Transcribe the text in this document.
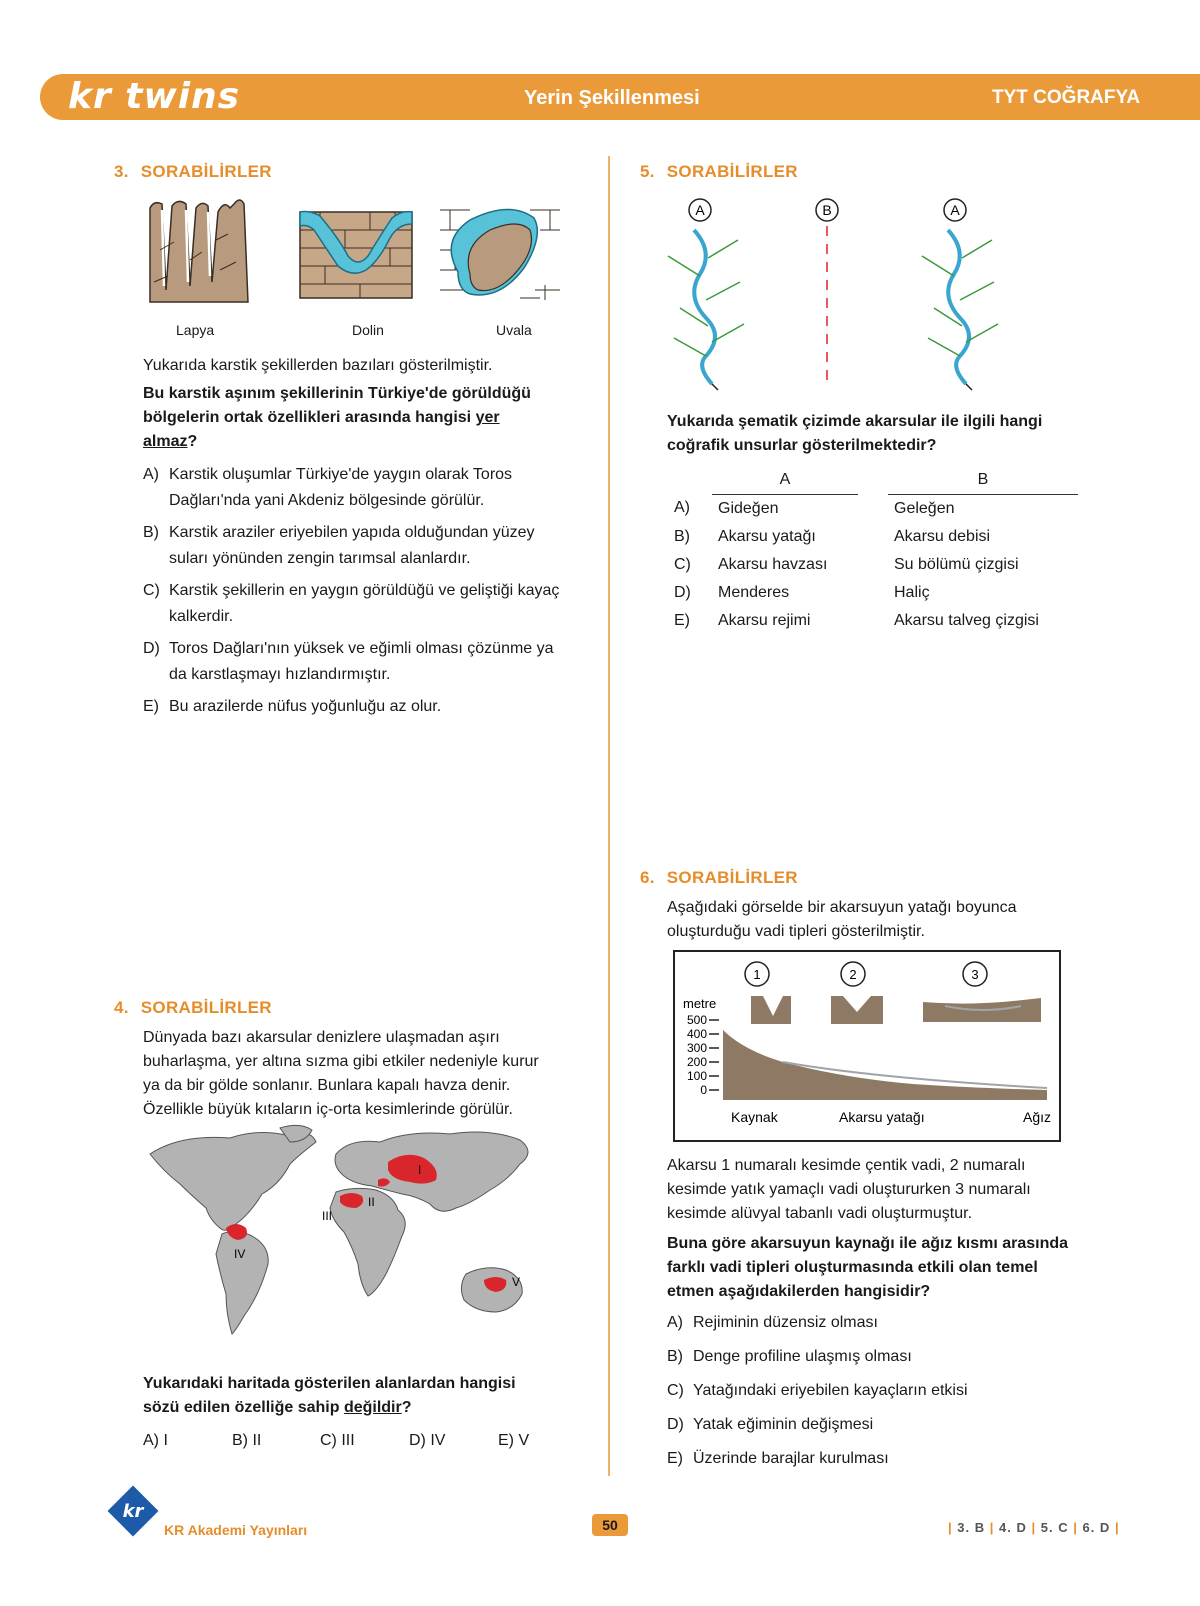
kr twins	Yerin Şekillenmesi	TYT COĞRAFYA
3. SORABİLİRLER
Lapya	Dolin	Uvala
Yukarıda karstik şekillerden bazıları gösterilmiştir.
Bu karstik aşınım şekillerinin Türkiye'de görüldüğü
bölgelerin ortak özellikleri arasında hangisi yer
almaz?
A) Karstik oluşumlar Türkiye'de yaygın olarak Toros
Dağları'nda yani Akdeniz bölgesinde görülür.
B) Karstik araziler eriyebilen yapıda olduğundan yüzey
suları yönünden zengin tarımsal alanlardır.
C) Karstik şekillerin en yaygın görüldüğü ve geliştiği kayaç
kalkerdir.
D) Toros Dağları'nın yüksek ve eğimli olması çözünme ya
da karstlaşmayı hızlandırmıştır.
E) Bu arazilerde nüfus yoğunluğu az olur.
4. SORABİLİRLER
Dünyada bazı akarsular denizlere ulaşmadan aşırı
buharlaşma, yer altına sızma gibi etkiler nedeniyle kurur
ya da bir gölde sonlanır. Bunlara kapalı havza denir.
Özellikle büyük kıtaların iç-orta kesimlerinde görülür.
I
II
III
IV
V
Yukarıdaki haritada gösterilen alanlardan hangisi
sözü edilen özelliğe sahip değildir?
A) I	B) II	C) III	D) IV	E) V
5. SORABİLİRLER
A	B	A
Yukarıda şematik çizimde akarsular ile ilgili hangi
coğrafik unsurlar gösterilmektedir?
	A		B
A)	Gideğen		Geleğen
B)	Akarsu yatağı		Akarsu debisi
C)	Akarsu havzası		Su bölümü çizgisi
D)	Menderes		Haliç
E)	Akarsu rejimi		Akarsu talveg çizgisi
6. SORABİLİRLER
Aşağıdaki görselde bir akarsuyun yatağı boyunca
oluşturduğu vadi tipleri gösterilmiştir.
1	2	3
metre
500
400
300
200
100
0
Kaynak	Akarsu yatağı	Ağız
Akarsu 1 numaralı kesimde çentik vadi, 2 numaralı
kesimde yatık yamaçlı vadi oluştururken 3 numaralı
kesimde alüvyal tabanlı vadi oluşturmuştur.
Buna göre akarsuyun kaynağı ile ağız kısmı arasında
farklı vadi tipleri oluşturmasında etkili olan temel
etmen aşağıdakilerden hangisidir?
A) Rejiminin düzensiz olması
B) Denge profiline ulaşmış olması
C) Yatağındaki eriyebilen kayaçların etkisi
D) Yatak eğiminin değişmesi
E) Üzerinde barajlar kurulması
kr
KR Akademi Yayınları	50	| 3. B | 4. D | 5. C | 6. D |
